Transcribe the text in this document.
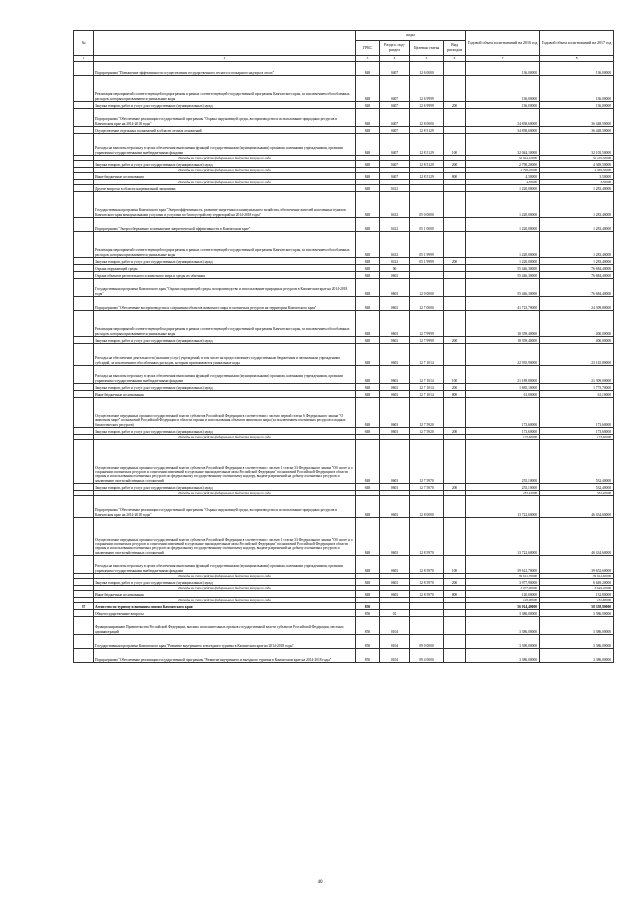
№		коды				Годовой объем ассигнований на 2016 год	Годовой объем ассигнований на 2017 год
		ГРБС	Раздел, под-раздел	Целевая статья	Вид расходов		
1	2	3	4	5	6	7	8
	Подпрограмма "Повышение эффективности осуществления государственного лесного и пожарного надзора в лесах"	848	0407	12 6 0000		136,00000	136,00000
	Реализация мероприятий соответствующей подпрограммы в рамках соответствующей государственной программы Камчатского края, за исключением обособленных расходов, которым присваиваются уникальные коды	848	0407	12 6 9999		136,00000	136,00000
	Закупка товаров, работ и услуг для государственных (муниципальных) нужд	848	0407	12 6 9999	200	136,00000	136,00000
	Подпрограмма "Обеспечение реализации государственной программы "Охрана окружающей среды, воспроизводство и использование природных ресурсов в Камчатском крае на 2014-2018 годы"	848	0407	12 8 0000		34 838,60000	36 448,50000
	Осуществление отдельных полномочий в области лесных отношений	848	0407	12 8 5129		34 838,60000	36 448,50000
	Расходы на выплаты персоналу в целях обеспечения выполнения функций государственными (муниципальными) органами, казенными учреждениями, органами управления государственными внебюджетными фондами	848	0407	12 8 5129	100	32 044,10000	32 105,50000
	Расходы за счет средств федерального бюджета текущего года					32 044,10000	32 105,50000
	Закупка товаров, работ и услуг для государственных (муниципальных) нужд	848	0407	12 8 5129	200	2 790,20000	4 369,50000
	Расходы за счет средств федерального бюджета текущего года					2 790,20000	4 369,50000
	Иные бюджетные ассигнования	848	0407	12 8 5129	800	4,30000	3,50000
	Расходы за счет средств федерального бюджета текущего года					4,30000	3,50000
	Другие вопросы в области национальной экономики	848	0412			1 220,00000	1 283,40000
	Государственная программа Камчатского края "Энергоэффективность, развитие энергетики и коммунального хозяйства, обеспечение жителей населенных пунктов Камчатского края коммунальными услугами и услугами по благоустройству территорий на 2014-2018 годы"	848	0412	05 0 0000		1 220,00000	1 283,40000
	Подпрограмма "Энергосбережение и повышение энергетической эффективности в Камчатском крае"	848	0412	05 1 0000		1 220,00000	1 283,40000
	Реализация мероприятий соответствующей подпрограммы в рамках соответствующей государственной программы Камчатского края, за исключением обособленных расходов, которым присваиваются уникальные коды	848	0412	05 1 9999		1 220,00000	1 283,40000
	Закупка товаров, работ и услуг для государственных (муниципальных) нужд	848	0412	05 1 9999	200	1 220,00000	1 283,40000
	Охрана окружающей среды	848	06			55 446,30000	76 684,40000
	Охрана объектов растительного и животного мира и среды их обитания	848	0603			55 446,30000	76 684,40000
	Государственная программа Камчатского края "Охрана окружающей среды, воспроизводство и использование природных ресурсов в Камчатском крае на 2014-2018 годы"	848	0603	12 0 0000		55 446,30000	76 684,40000
	Подпрограмма "Обеспечение воспроизводства и сохранения объектов животного мира и охотничьих ресурсов на территории Камчатского края"	848	0603	12 7 0000		41 723,70000	24 309,80000
	Реализация мероприятий соответствующей подпрограммы в рамках соответствующей государственной программы Камчатского края, за исключением обособленных расходов, которым присваиваются уникальные коды	848	0603	12 7 9999		18 359,40000	400,00000
	Закупка товаров, работ и услуг для государственных (муниципальных) нужд	848	0603	12 7 9999	200	18 359,40000	400,00000
	Расходы на обеспечение деятельности (оказание услуг) учреждений, в том числе на предоставление государственным бюджетным и автономным учреждениям субсидий, за исключением обособленных расходов, которым присваиваются уникальные коды	848	0603	12 7 1014		22 935,90000	23 145,80000
	Расходы на выплаты персоналу в целях обеспечения выполнения функций государственными (муниципальными) органами, казенными учреждениями, органами управления государственными внебюджетными фондами	848	0603	12 7 1014	100	21 189,80000	21 309,00000
	Закупка товаров, работ и услуг для государственных (муниципальных) нужд	848	0603	12 7 1014	200	1 685,10000	1 775,70000
	Иные бюджетные ассигнования	848	0603	12 7 1014	800	61,00000	61,10000
	Осуществление переданных органам государственной власти субъектов Российской Федерации в соответствии с частью первой статьи 6 Федерального закона "О животном мире" полномочий Российской Федерации в области охраны и использования объектов животного мира (за исключением охотничьих ресурсов и водных биологических ресурсов)	848	0603	12 7 5920		173,60000	173,60000
	Закупка товаров, работ и услуг для государственных (муниципальных) нужд	848	0603	12 7 5920	200	173,60000	173,60000
	Расходы за счет средств федерального бюджета текущего года					173,60000	173,60000
	Осуществление переданных органам государственной власти субъектов Российской Федерации в соответствии с частью 1 статьи 33 Федерального закона "Об охоте и о сохранении охотничьих ресурсов и о внесении изменений в отдельные законодательные акты Российской Федерации" полномочий Российской Федерации в области охраны и использования охотничьих ресурсов по федеральному государственному охотничьему надзору, выдаче разрешений на добычу охотничьих ресурсов и заключению охотхозяйственных соглашений	848	0603	12 7 5970		255,10000	532,40000
	Закупка товаров, работ и услуг для государственных (муниципальных) нужд	848	0603	12 7 5970	200	255,10000	532,40000
	Расходы за счет средств федерального бюджета текущего года					255,10000	532,40000
	Подпрограмма "Обеспечение реализации государственной программы "Охрана окружающей среды, воспроизводство и использование природных ресурсов в Камчатском крае на 2014-2018 годы"	848	0603	12 8 0000		13 722,60000	46 434,60000
	Осуществление переданных органам государственной власти субъектов Российской Федерации в соответствии с частью 1 статьи 33 Федерального закона "Об охоте и о сохранении охотничьих ресурсов и о внесении изменений в отдельные законодательные акты Российской Федерации" полномочий Российской Федерации в области охраны и использования охотничьих ресурсов по федеральному государственному охотничьему надзору, выдаче разрешений на добычу охотничьих ресурсов и заключению охотхозяйственных соглашений	848	0603	12 8 5970		13 722,60000	46 434,60000
	Расходы на выплаты персоналу в целях обеспечения выполнения функций государственными (муниципальными) органами, казенными учреждениями, органами управления государственными внебюджетными фондами	848	0603	12 8 5970	100	39 612,70000	39 652,60000
	Расходы за счет средств федерального бюджета текущего года					39 612,70000	39 612,60000
	Закупка товаров, работ и услуг для государственных (муниципальных) нужд	848	0603	12 8 5970	200	3 977,90000	6 649,20000
	Расходы за счет средств федерального бюджета текущего года					3 977,90000	6 649,20000
	Иные бюджетные ассигнования	848	0603	12 8 5970	800	120,00000	132,80000
	Расходы за счет средств федерального бюджета текущего года					120,00000	132,80000
37	Агентство по туризму и внешним связям Камчатского края	850				56 014,40000	58 358,80000
	Общегосударственные вопросы	850	01			3 386,00000	3 386,00000
	Функционирование Правительства Российской Федерации, высших исполнительных органов государственной власти субъектов Российской Федерации, местных администраций	850	0104			3 386,00000	3 386,00000
	Государственная программа Камчатского края "Развитие внутреннего и въездного туризма в Камчатском крае на 2014-2018 годы"	850	0104	09 0 0000		3 390,00000	3 386,00000
	Подпрограмма "Обеспечение реализации государственной программы "Развитие внутреннего и въездного туризма в Камчатском крае на 2014-2018 годы"	850	0104	09 4 0000		3 386,00000	3 386,00000
40
